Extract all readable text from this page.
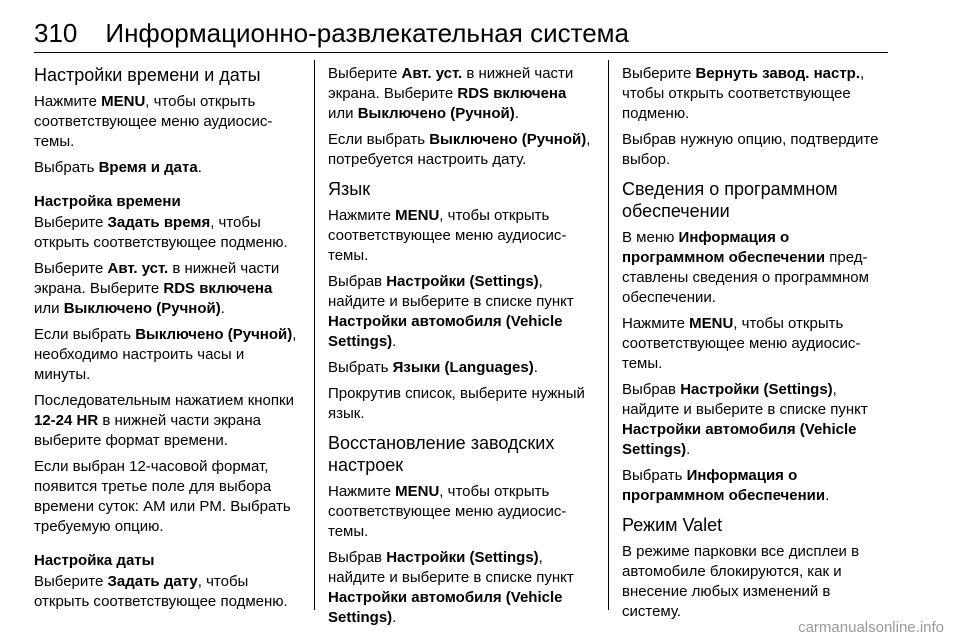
310 Информационно-развлекательная система
Настройки времени и даты

Нажмите MENU, чтобы открыть соответствующее меню аудиосистемы.

Выбрать Время и дата.

Настройка времени

Выберите Задать время, чтобы открыть соответствующее подменю.

Выберите Авт. уст. в нижней части экрана. Выберите RDS включена или Выключено (Ручной).

Если выбрать Выключено (Ручной), необходимо настроить часы и минуты.

Последовательным нажатием кнопки 12-24 HR в нижней части экрана выберите формат времени.

Если выбран 12-часовой формат, появится третье поле для выбора времени суток: AM или PM. Выбрать требуемую опцию.

Настройка даты

Выберите Задать дату, чтобы открыть соответствующее подменю.

Выберите Авт. уст. в нижней части экрана. Выберите RDS включена или Выключено (Ручной).

Если выбрать Выключено (Ручной), потребуется настроить дату.

Язык

Нажмите MENU, чтобы открыть соответствующее меню аудиосистемы.

Выбрав Настройки (Settings), найдите и выберите в списке пункт Настройки автомобиля (Vehicle Settings).

Выбрать Языки (Languages).

Прокрутив список, выберите нужный язык.

Восстановление заводских настроек

Нажмите MENU, чтобы открыть соответствующее меню аудиосистемы.

Выбрав Настройки (Settings), найдите и выберите в списке пункт Настройки автомобиля (Vehicle Settings).

Выберите Вернуть завод. настр., чтобы открыть соответствующее подменю.

Выбрав нужную опцию, подтвердите выбор.

Сведения о программном обеспечении

В меню Информация о программном обеспечении представлены сведения о программном обеспечении.

Нажмите MENU, чтобы открыть соответствующее меню аудиосистемы.

Выбрав Настройки (Settings), найдите и выберите в списке пункт Настройки автомобиля (Vehicle Settings).

Выбрать Информация о программном обеспечении.

Режим Valet

В режиме парковки все дисплеи в автомобиле блокируются, как и внесение любых изменений в систему.

carmanualsonline.info
